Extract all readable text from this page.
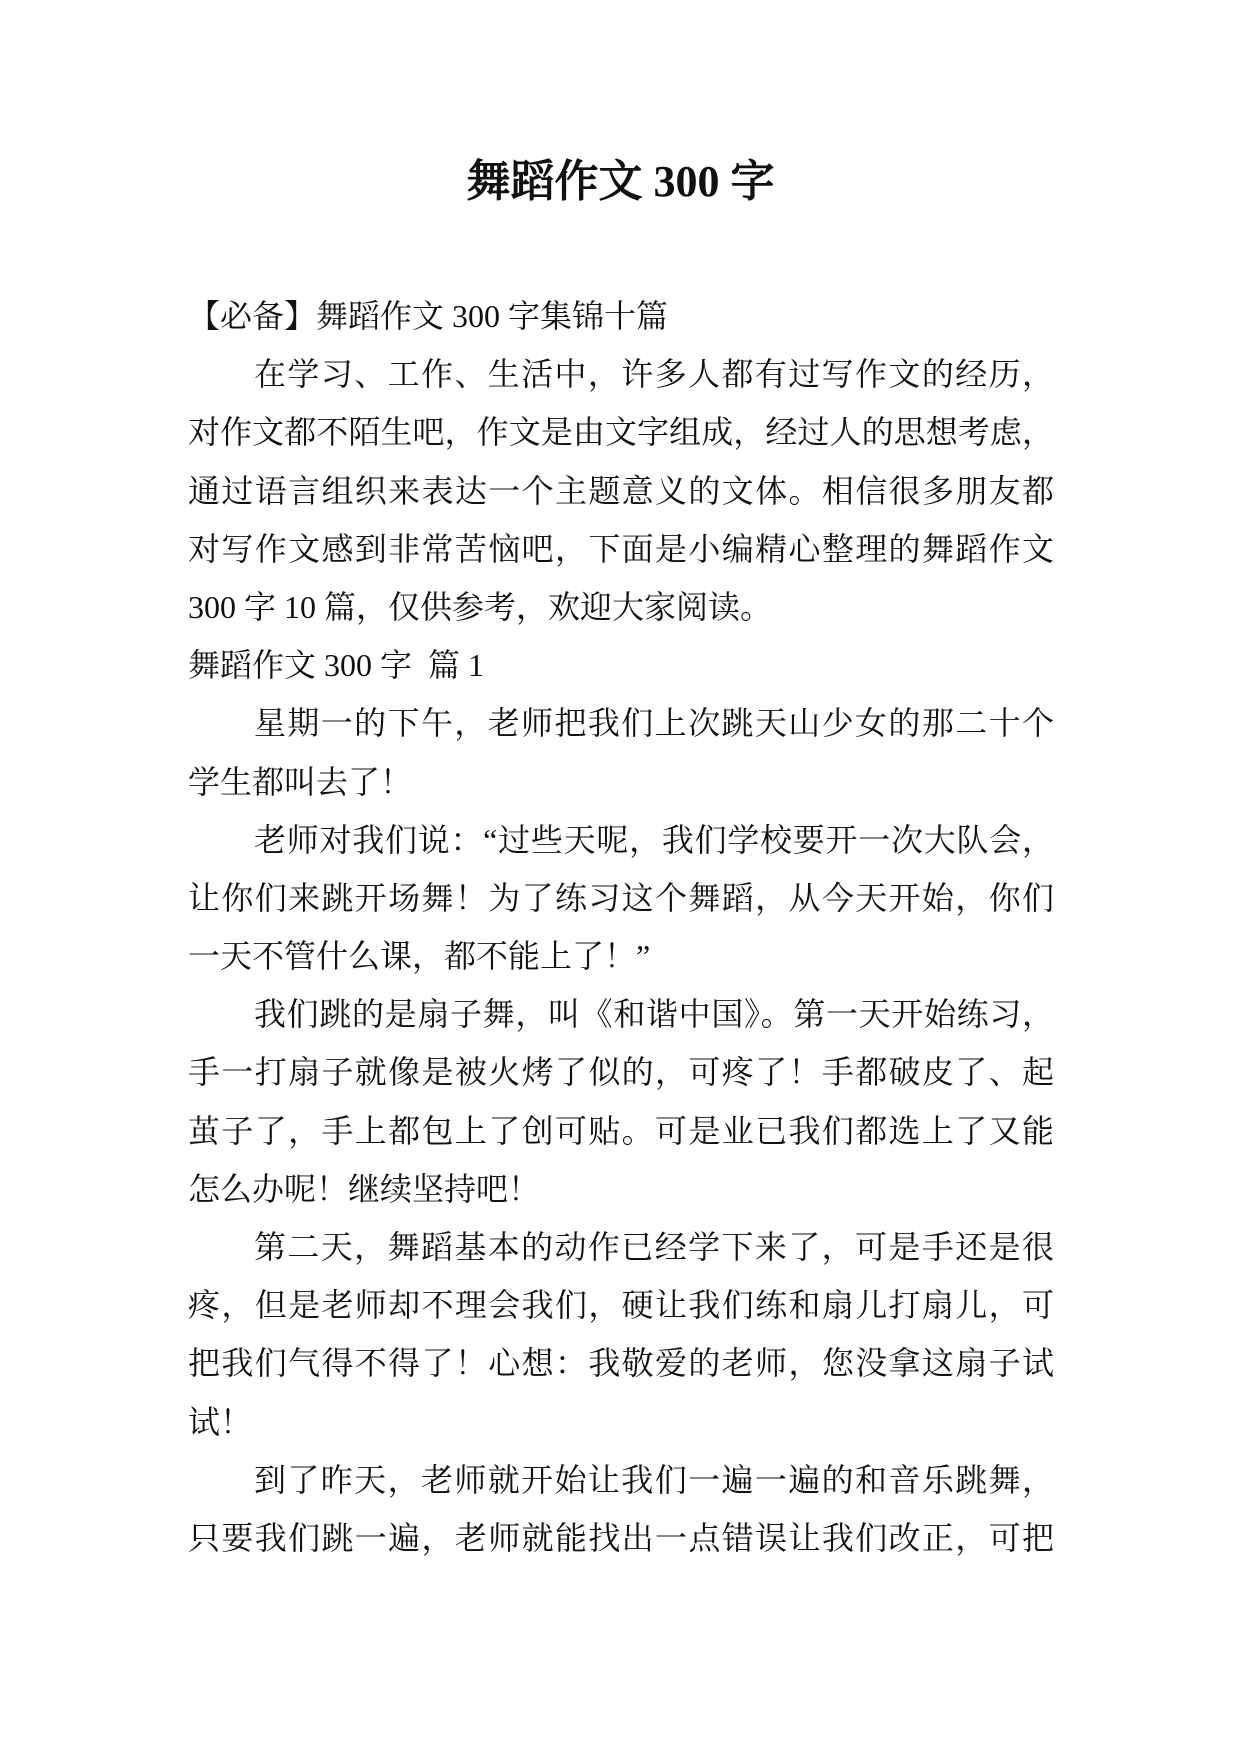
舞蹈作文 300 字
【必备】舞蹈作文 300 字集锦十篇
在学习、工作、生活中，许多人都有过写作文的经历，
对作文都不陌生吧，作文是由文字组成，经过人的思想考虑，
通过语言组织来表达一个主题意义的文体。相信很多朋友都
对写作文感到非常苦恼吧，下面是小编精心整理的舞蹈作文
300 字 10 篇，仅供参考，欢迎大家阅读。
舞蹈作文 300 字  篇 1
星期一的下午，老师把我们上次跳天山少女的那二十个
学生都叫去了！
老师对我们说：“过些天呢，我们学校要开一次大队会，
让你们来跳开场舞！为了练习这个舞蹈，从今天开始，你们
一天不管什么课，都不能上了！”
我们跳的是扇子舞，叫《和谐中国》。第一天开始练习，
手一打扇子就像是被火烤了似的，可疼了！手都破皮了、起
茧子了，手上都包上了创可贴。可是业已我们都选上了又能
怎么办呢！继续坚持吧！
第二天，舞蹈基本的动作已经学下来了，可是手还是很
疼，但是老师却不理会我们，硬让我们练和扇儿打扇儿，可
把我们气得不得了！心想：我敬爱的老师，您没拿这扇子试
试！
到了昨天，老师就开始让我们一遍一遍的和音乐跳舞，
只要我们跳一遍，老师就能找出一点错误让我们改正，可把
